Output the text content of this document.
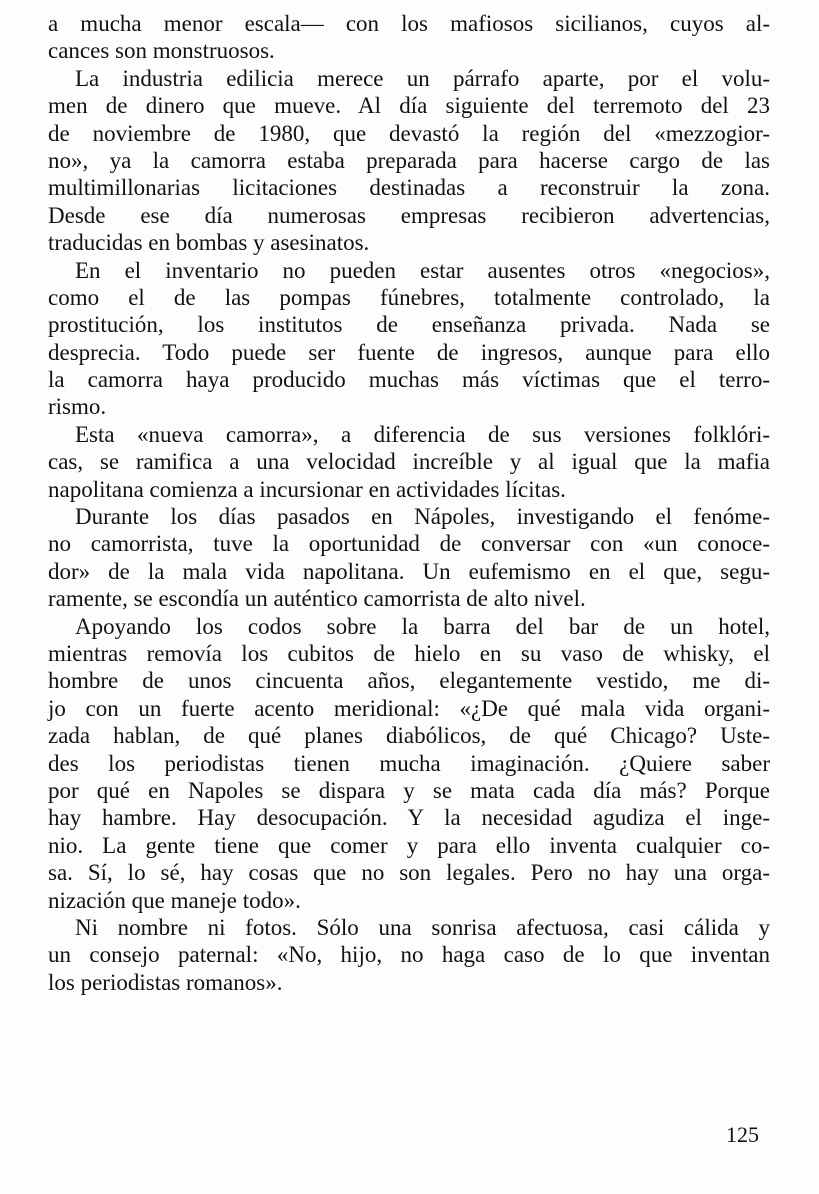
a mucha menor escala— con los mafiosos sicilianos, cuyos al-
cances son monstruosos.
La industria edilicia merece un párrafo aparte, por el volu-
men de dinero que mueve. Al día siguiente del terremoto del 23
de noviembre de 1980, que devastó la región del «mezzogior-
no», ya la camorra estaba preparada para hacerse cargo de las
multimillonarias licitaciones destinadas a reconstruir la zona.
Desde ese día numerosas empresas recibieron advertencias,
traducidas en bombas y asesinatos.
En el inventario no pueden estar ausentes otros «negocios»,
como el de las pompas fúnebres, totalmente controlado, la
prostitución, los institutos de enseñanza privada. Nada se
desprecia. Todo puede ser fuente de ingresos, aunque para ello
la camorra haya producido muchas más víctimas que el terro-
rismo.
Esta «nueva camorra», a diferencia de sus versiones folklóri-
cas, se ramifica a una velocidad increíble y al igual que la mafia
napolitana comienza a incursionar en actividades lícitas.
Durante los días pasados en Nápoles, investigando el fenóme-
no camorrista, tuve la oportunidad de conversar con «un conoce-
dor» de la mala vida napolitana. Un eufemismo en el que, segu-
ramente, se escondía un auténtico camorrista de alto nivel.
Apoyando los codos sobre la barra del bar de un hotel,
mientras removía los cubitos de hielo en su vaso de whisky, el
hombre de unos cincuenta años, elegantemente vestido, me di-
jo con un fuerte acento meridional: «¿De qué mala vida organi-
zada hablan, de qué planes diabólicos, de qué Chicago? Uste-
des los periodistas tienen mucha imaginación. ¿Quiere saber
por qué en Napoles se dispara y se mata cada día más? Porque
hay hambre. Hay desocupación. Y la necesidad agudiza el inge-
nio. La gente tiene que comer y para ello inventa cualquier co-
sa. Sí, lo sé, hay cosas que no son legales. Pero no hay una orga-
nización que maneje todo».
Ni nombre ni fotos. Sólo una sonrisa afectuosa, casi cálida y
un consejo paternal: «No, hijo, no haga caso de lo que inventan
los periodistas romanos».
125
